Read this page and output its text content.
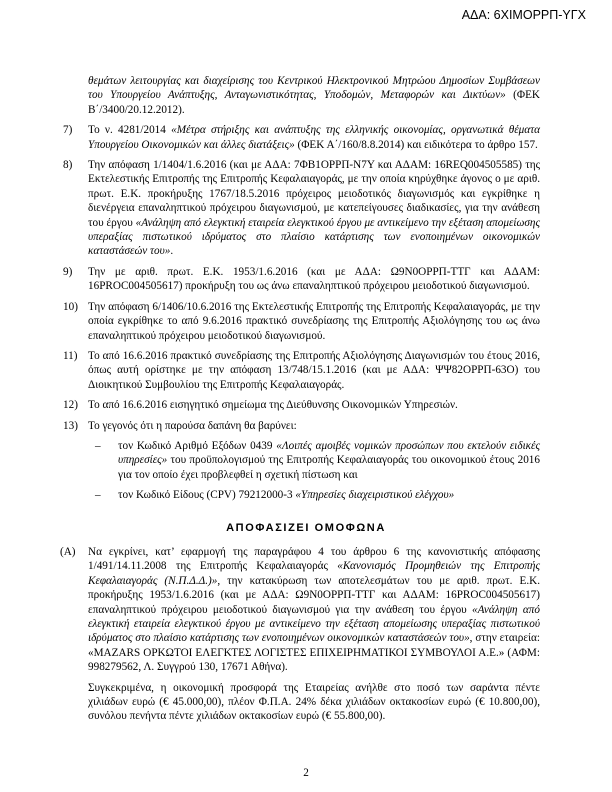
ΑΔΑ: 6ΧΙΜΟΡΡΠ-ΥΓΧ

θεμάτων λειτουργίας και διαχείρισης του Κεντρικού Ηλεκτρονικού Μητρώου Δημοσίων Συμβάσεων του Υπουργείου Ανάπτυξης, Ανταγωνιστικότητας, Υποδομών, Μεταφορών και Δικτύων» (ΦΕΚ Β΄/3400/20.12.2012).

7) Το ν. 4281/2014 «Μέτρα στήριξης και ανάπτυξης της ελληνικής οικονομίας, οργανωτικά θέματα Υπουργείου Οικονομικών και άλλες διατάξεις» (ΦΕΚ Α΄/160/8.8.2014) και ειδικότερα το άρθρο 157.

8) Την απόφαση 1/1404/1.6.2016 (και με ΑΔΑ: 7ΦΒ1ΟΡΡΠ-Ν7Υ και ΑΔΑΜ: 16REQ004505585) της Εκτελεστικής Επιτροπής της Επιτροπής Κεφαλαιαγοράς, με την οποία κηρύχθηκε άγονος ο με αριθ. πρωτ. Ε.Κ. προκήρυξης 1767/18.5.2016 πρόχειρος μειοδοτικός διαγωνισμός και εγκρίθηκε η διενέργεια επαναληπτικού πρόχειρου διαγωνισμού, με κατεπείγουσες διαδικασίες, για την ανάθεση του έργου «Ανάληψη από ελεγκτική εταιρεία ελεγκτικού έργου με αντικείμενο την εξέταση απομείωσης υπεραξίας πιστωτικού ιδρύματος στο πλαίσιο κατάρτισης των ενοποιημένων οικονομικών καταστάσεών του».

9) Την με αριθ. πρωτ. Ε.Κ. 1953/1.6.2016 (και με ΑΔΑ: Ω9Ν0ΟΡΡΠ-ΤΤΓ και ΑΔΑΜ: 16PROC004505617) προκήρυξη του ως άνω επαναληπτικού πρόχειρου μειοδοτικού διαγωνισμού.

10) Την απόφαση 6/1406/10.6.2016 της Εκτελεστικής Επιτροπής της Επιτροπής Κεφαλαιαγοράς, με την οποία εγκρίθηκε το από 9.6.2016 πρακτικό συνεδρίασης της Επιτροπής Αξιολόγησης του ως άνω επαναληπτικού πρόχειρου μειοδοτικού διαγωνισμού.

11) Το από 16.6.2016 πρακτικό συνεδρίασης της Επιτροπής Αξιολόγησης Διαγωνισμών του έτους 2016, όπως αυτή ορίστηκε με την απόφαση 13/748/15.1.2016 (και με ΑΔΑ: ΨΨ82ΟΡΡΠ-63Ο) του Διοικητικού Συμβουλίου της Επιτροπής Κεφαλαιαγοράς.

12) Το από 16.6.2016 εισηγητικό σημείωμα της Διεύθυνσης Οικονομικών Υπηρεσιών.

13) Το γεγονός ότι η παρούσα δαπάνη θα βαρύνει:

– τον Κωδικό Αριθμό Εξόδων 0439 «Λοιπές αμοιβές νομικών προσώπων που εκτελούν ειδικές υπηρεσίες» του προϋπολογισμού της Επιτροπής Κεφαλαιαγοράς του οικονομικού έτους 2016 για τον οποίο έχει προβλεφθεί η σχετική πίστωση και

– τον Κωδικό Είδους (CPV) 79212000-3 «Υπηρεσίες διαχειριστικού ελέγχου»

ΑΠΟΦΑΣΙΖΕΙ ΟΜΟΦΩΝΑ

(Α) Να εγκρίνει, κατ’ εφαρμογή της παραγράφου 4 του άρθρου 6 της κανονιστικής απόφασης 1/491/14.11.2008 της Επιτροπής Κεφαλαιαγοράς «Κανονισμός Προμηθειών της Επιτροπής Κεφαλαιαγοράς (Ν.Π.Δ.Δ.)», την κατακύρωση των αποτελεσμάτων του με αριθ. πρωτ. Ε.Κ. προκήρυξης 1953/1.6.2016 (και με ΑΔΑ: Ω9Ν0ΟΡΡΠ-ΤΤΓ και ΑΔΑΜ: 16PROC004505617) επαναληπτικού πρόχειρου μειοδοτικού διαγωνισμού για την ανάθεση του έργου «Ανάληψη από ελεγκτική εταιρεία ελεγκτικού έργου με αντικείμενο την εξέταση απομείωσης υπεραξίας πιστωτικού ιδρύματος στο πλαίσιο κατάρτισης των ενοποιημένων οικονομικών καταστάσεών του», στην εταιρεία: «MAZARS ΟΡΚΩΤΟΙ ΕΛΕΓΚΤΕΣ ΛΟΓΙΣΤΕΣ ΕΠΙΧΕΙΡΗΜΑΤΙΚΟΙ ΣΥΜΒΟΥΛΟΙ Α.Ε.» (ΑΦΜ: 998279562, Λ. Συγγρού 130, 17671 Αθήνα).

Συγκεκριμένα, η οικονομική προσφορά της Εταιρείας ανήλθε στο ποσό των σαράντα πέντε χιλιάδων ευρώ (€ 45.000,00), πλέον Φ.Π.Α. 24% δέκα χιλιάδων οκτακοσίων ευρώ (€ 10.800,00), συνόλου πενήντα πέντε χιλιάδων οκτακοσίων ευρώ (€ 55.800,00).

2
